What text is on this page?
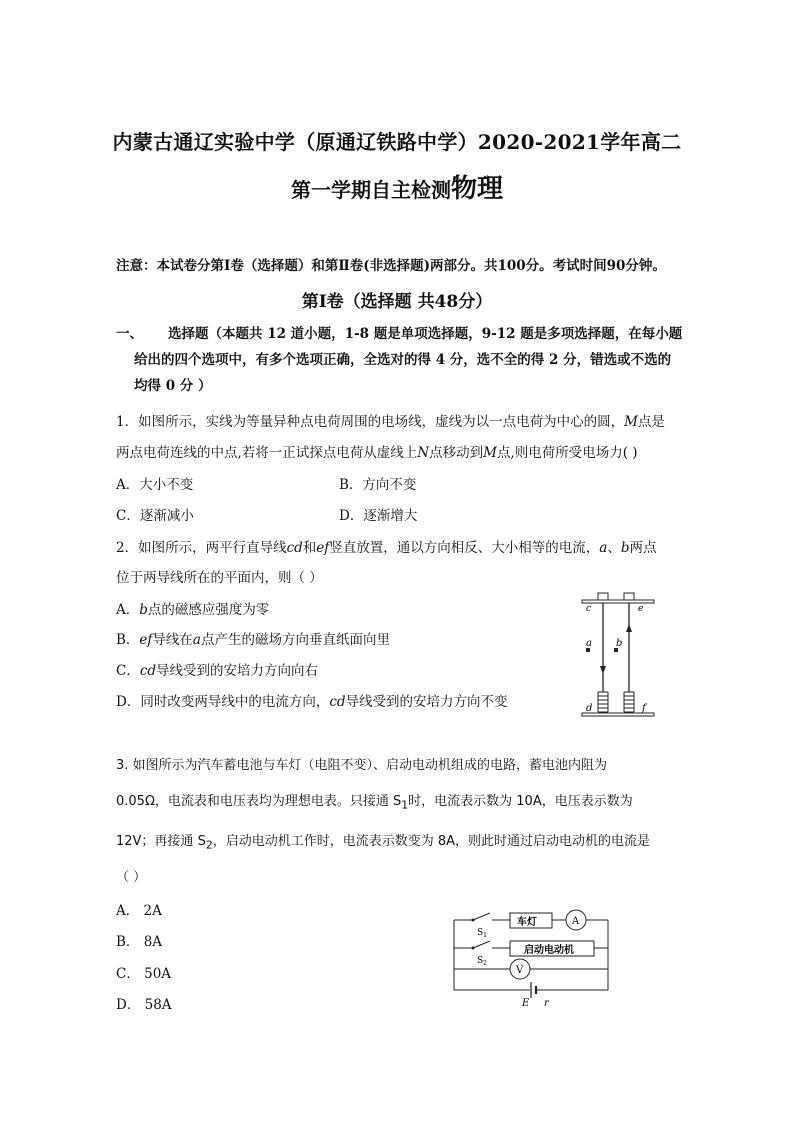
内蒙古通辽实验中学（原通辽铁路中学）2020-2021学年高二
第一学期自主检测物理
注意：本试卷分第Ⅰ卷（选择题）和第Ⅱ卷(非选择题)两部分。共100分。考试时间90分钟。
第Ⅰ卷（选择题 共48分）
一、 选择题（本题共 12 道小题，1-8 题是单项选择题，9-12 题是多项选择题，在每小题
给出的四个选项中，有多个选项正确，全选对的得 4 分，选不全的得 2 分，错选或不选的
均得 0 分 ）
1．如图所示，实线为等量异种点电荷周围的电场线，虚线为以一点电荷为中心的圆，M点是
两点电荷连线的中点,若将一正试探点电荷从虚线上N点移动到M点,则电荷所受电场力( )
A．大小不变	B．方向不变
C．逐渐减小	D．逐渐增大
2．如图所示，两平行直导线cd和ef竖直放置，通以方向相反、大小相等的电流，a、b两点
位于两导线所在的平面内，则（ ）
A．b点的磁感应强度为零
B．ef导线在a点产生的磁场方向垂直纸面向里
C．cd导线受到的安培力方向向右
D．同时改变两导线中的电流方向，cd导线受到的安培力方向不变
c	e
a b
d	f
3. 如图所示为汽车蓄电池与车灯（电阻不变）、启动电动机组成的电路，蓄电池内阻为
0.05Ω，电流表和电压表均为理想电表。只接通 $S_1$时，电流表示数为 10A，电压表示数为
12V；再接通 $S_2$，启动电动机工作时，电流表示数变为 8A，则此时通过启动电动机的电流是
（ ）
A． 2A
B． 8A
C． 50A
D． 58A
车灯	A
启动电动机
V
$S_1$
$S_2$
E r
